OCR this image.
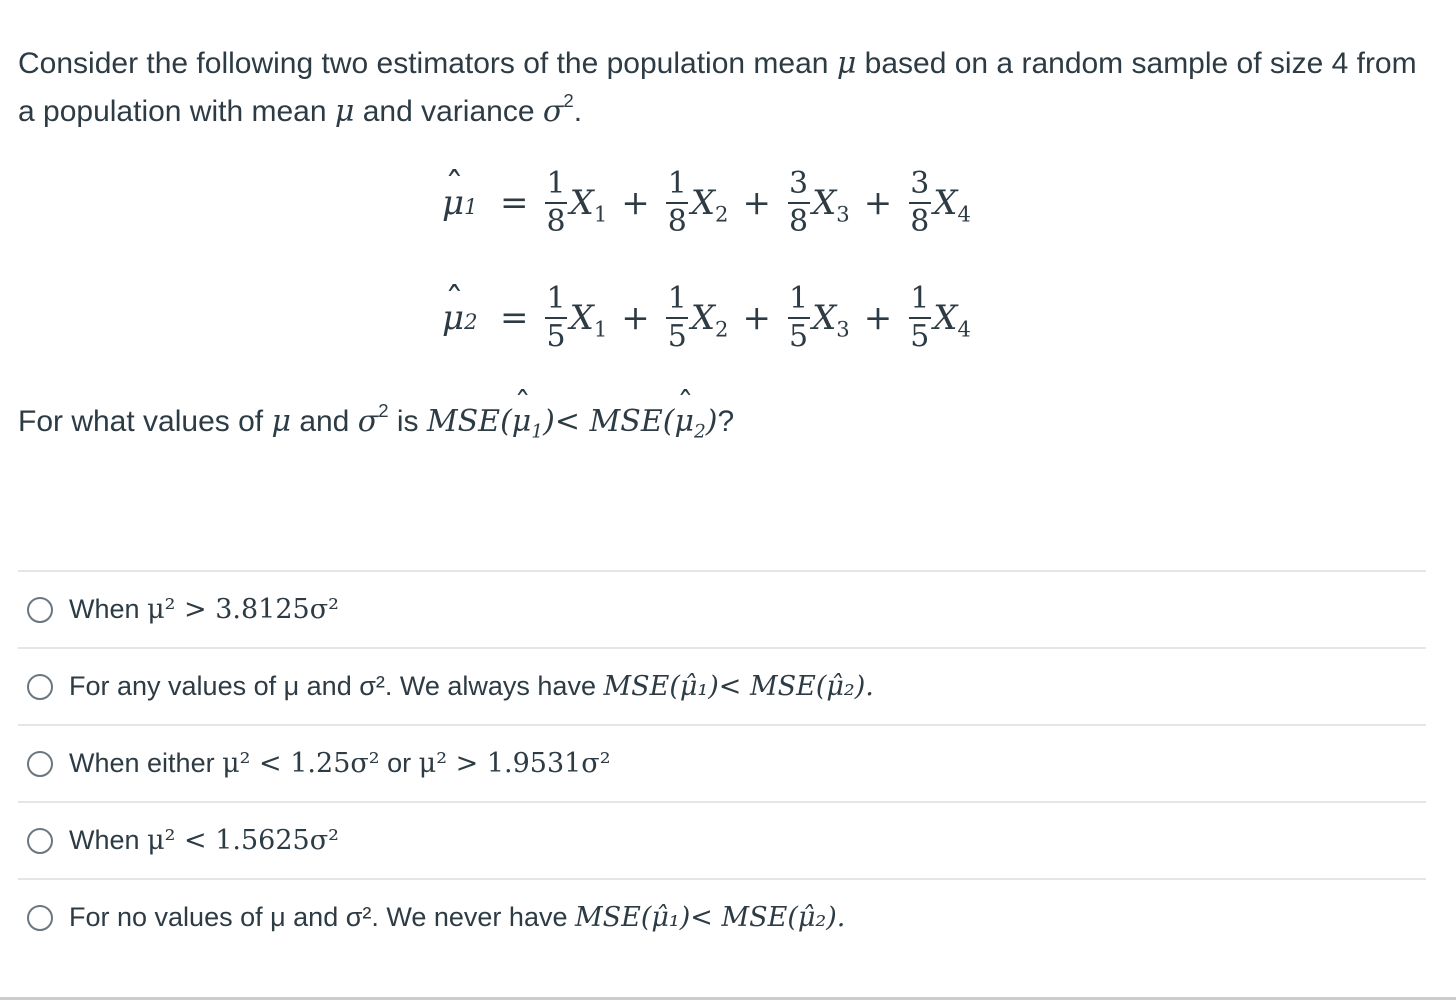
Consider the following two estimators of the population mean μ based on a random sample of size 4 from a population with mean μ and variance $\sigma^2$.
ˆ μ $1 = \frac{1}{8} X_1 + \frac{1}{8} X_2 + \frac{3}{8} X_3 + \frac{3}{8} X_4$
ˆ μ $2 = \frac{1}{5} X_1 + \frac{1}{5} X_2 + \frac{1}{5} X_3 + \frac{1}{5} X_4$
For what values of μ and $\sigma^2$ is MSE(ˆ $\mu_1)<$ MSE(ˆ $\mu_2$)?
When μ² > 3.8125σ²
For any values of μ and σ². We always have MSE(μ̂₁)< MSE(μ̂₂).
When either μ² < 1.25σ² or μ² > 1.9531σ²
When μ² < 1.5625σ²
For no values of μ and σ². We never have MSE(μ̂₁)< MSE(μ̂₂).
